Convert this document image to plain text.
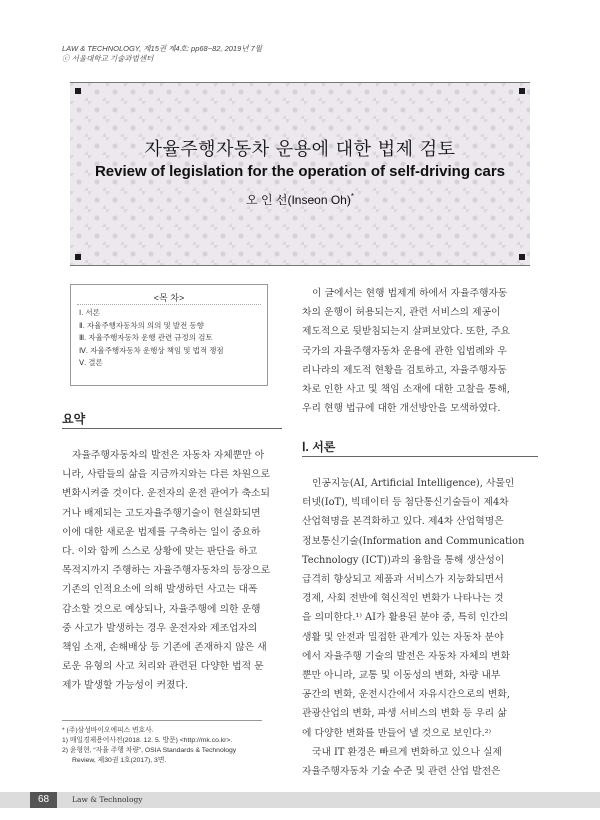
LAW & TECHNOLOGY, 제15권 제4호: pp68~82, 2019년 7월
ⓒ 서울대학교 기술과법센터
자율주행자동차 운용에 대한 법제 검토
Review of legislation for the operation of self-driving cars
오 인 선(Inseon Oh)*
<목 차>
Ⅰ. 서론
Ⅱ. 자율주행자동차의 의의 및 발전 동향
Ⅲ. 자율주행자동차 운행 관련 규정의 검토
Ⅳ. 자율주행자동차 운행상 책임 및 법적 쟁점
Ⅴ. 결론

이 글에서는 현행 법제계 하에서 자율주행자동
차의 운행이 허용되는지, 관련 서비스의 제공이
제도적으로 뒷받침되는지 살펴보았다. 또한, 주요
국가의 자율주행자동차 운용에 관한 입법례와 우
리나라의 제도적 현황을 검토하고, 자율주행자동
차로 인한 사고 및 책임 소재에 대한 고찰을 통해,
우리 현행 법규에 대한 개선방안을 모색하였다.

요약

자율주행자동차의 발전은 자동차 자체뿐만 아
니라, 사람들의 삶을 지금까지와는 다른 차원으로
변화시켜줄 것이다. 운전자의 운전 관여가 축소되
거나 배제되는 고도자율주행기술이 현실화되면
이에 대한 새로운 법제를 구축하는 일이 중요하
다. 이와 함께 스스로 상황에 맞는 판단을 하고
목적지까지 주행하는 자율주행자동차의 등장으로
기존의 인적요소에 의해 발생하던 사고는 대폭
감소할 것으로 예상되나, 자율주행에 의한 운행
중 사고가 발생하는 경우 운전자와 제조업자의
책임 소재, 손해배상 등 기존에 존재하지 않은 새
로운 유형의 사고 처리와 관련된 다양한 법적 문
제가 발생할 가능성이 커졌다.

Ⅰ. 서론

인공지능(AI, Artificial Intelligence), 사물인
터넷(IoT), 빅데이터 등 첨단통신기술들이 제4차
산업혁명을 본격화하고 있다. 제4차 산업혁명은
정보통신기술(Information and Communication
Technology (ICT))과의 융합을 통해 생산성이
급격히 향상되고 제품과 서비스가 지능화되면서
경제, 사회 전반에 혁신적인 변화가 나타나는 것
을 의미한다.¹⁾ AI가 활용된 분야 중, 특히 인간의
생활 및 안전과 밀접한 관계가 있는 자동차 분야
에서 자율주행 기술의 발전은 자동차 자체의 변화
뿐만 아니라, 교통 및 이동성의 변화, 차량 내부
공간의 변화, 운전시간에서 자유시간으로의 변화,
관광산업의 변화, 파생 서비스의 변화 등 우리 삶
에 다양한 변화를 만들어 낼 것으로 보인다.²⁾
국내 IT 환경은 빠르게 변화하고 있으나 실제
자율주행자동차 기술 수준 및 관련 산업 발전은

* (주)삼성바이오에피스 변호사.
1) 매일경제용어사전(2018. 12. 5. 방문) <http://mk.co.kr>.
2) 윤형현, “자율 주행 차량”, OSIA Standards & Technology
Review, 제30권 1호(2017), 3면.
68	Law & Technology
